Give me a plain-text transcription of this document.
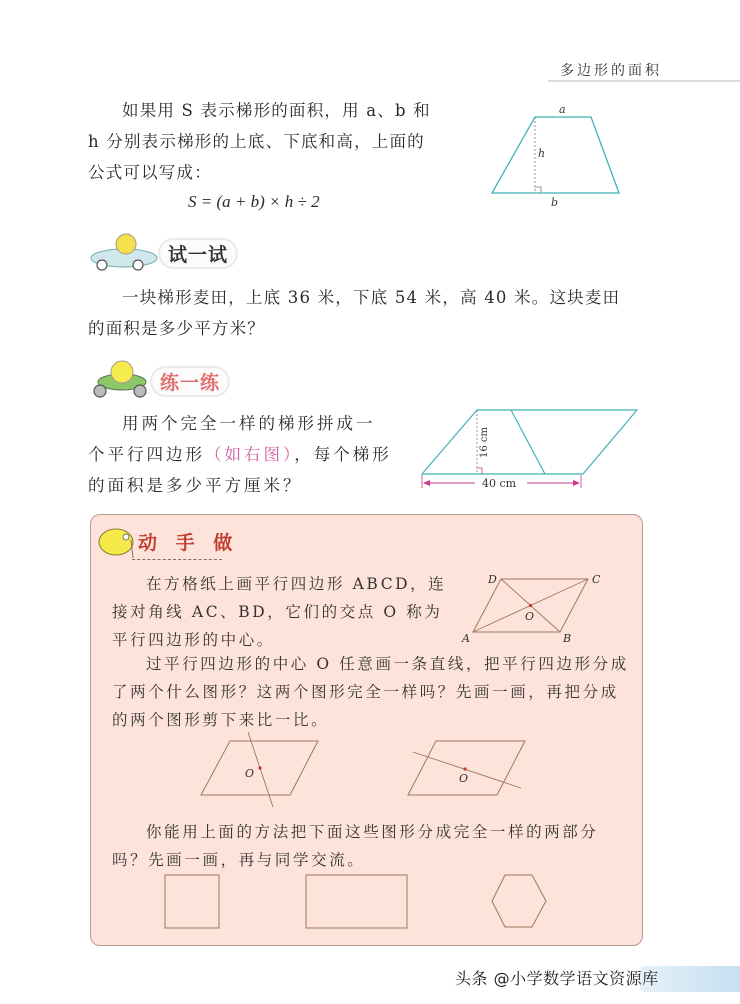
多边形的面积
如果用 S 表示梯形的面积，用 a、b 和
h 分别表示梯形的上底、下底和高，上面的
公式可以写成：
S = (a + b) × h ÷ 2
a
h
b
试一试
一块梯形麦田，上底 36 米，下底 54 米，高 40 米。这块麦田
的面积是多少平方米？
练一练
用两个完全一样的梯形拼成一
个平行四边形（如右图），每个梯形
的面积是多少平方厘米？
16 cm
40 cm
动 手 做
在方格纸上画平行四边形 ABCD，连
接对角线 AC、BD，它们的交点 O 称为
平行四边形的中心。
D	C
A	B
O
过平行四边形的中心 O 任意画一条直线，把平行四边形分成
了两个什么图形？这两个图形完全一样吗？先画一画，再把分成
的两个图形剪下来比一比。
O	O
你能用上面的方法把下面这些图形分成完全一样的两部分
吗？先画一画，再与同学交流。
头条 @小学数学语文资源库
